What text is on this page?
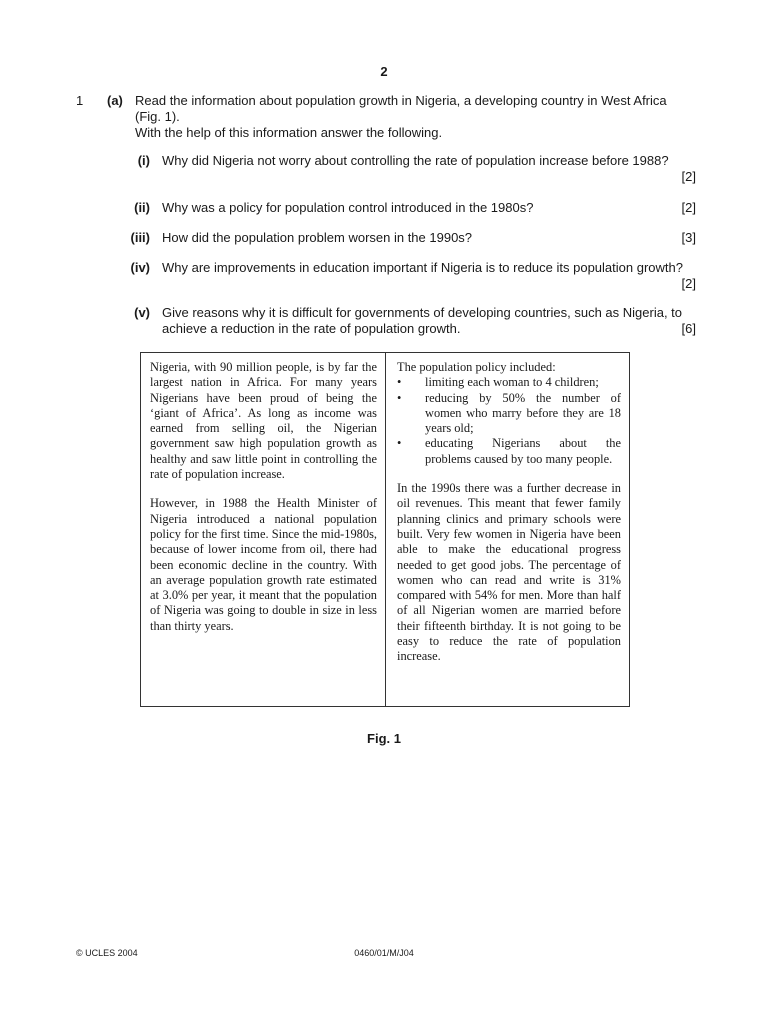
2
1 (a) Read the information about population growth in Nigeria, a developing country in West Africa (Fig. 1).
With the help of this information answer the following.
(i) Why did Nigeria not worry about controlling the rate of population increase before 1988?
[2]
(ii) Why was a policy for population control introduced in the 1980s?	[2]
(iii) How did the population problem worsen in the 1990s?	[3]
(iv) Why are improvements in education important if Nigeria is to reduce its population growth?
[2]
(v) Give reasons why it is difficult for governments of developing countries, such as Nigeria, to achieve a reduction in the rate of population growth.	[6]

Nigeria, with 90 million people, is by far the largest nation in Africa. For many years Nigerians have been proud of being the ‘giant of Africa’. As long as income was earned from selling oil, the Nigerian government saw high population growth as healthy and saw little point in controlling the rate of population increase.

However, in 1988 the Health Minister of Nigeria introduced a national population policy for the first time. Since the mid-1980s, because of lower income from oil, there had been economic decline in the country. With an average population growth rate estimated at 3.0% per year, it meant that the population of Nigeria was going to double in size in less than thirty years.

The population policy included:
• limiting each woman to 4 children;
• reducing by 50% the number of women who marry before they are 18 years old;
• educating Nigerians about the problems caused by too many people.

In the 1990s there was a further decrease in oil revenues. This meant that fewer family planning clinics and primary schools were built. Very few women in Nigeria have been able to make the educational progress needed to get good jobs. The percentage of women who can read and write is 31% compared with 54% for men. More than half of all Nigerian women are married before their fifteenth birthday. It is not going to be easy to reduce the rate of population increase.

Fig. 1
© UCLES 2004	0460/01/M/J04
